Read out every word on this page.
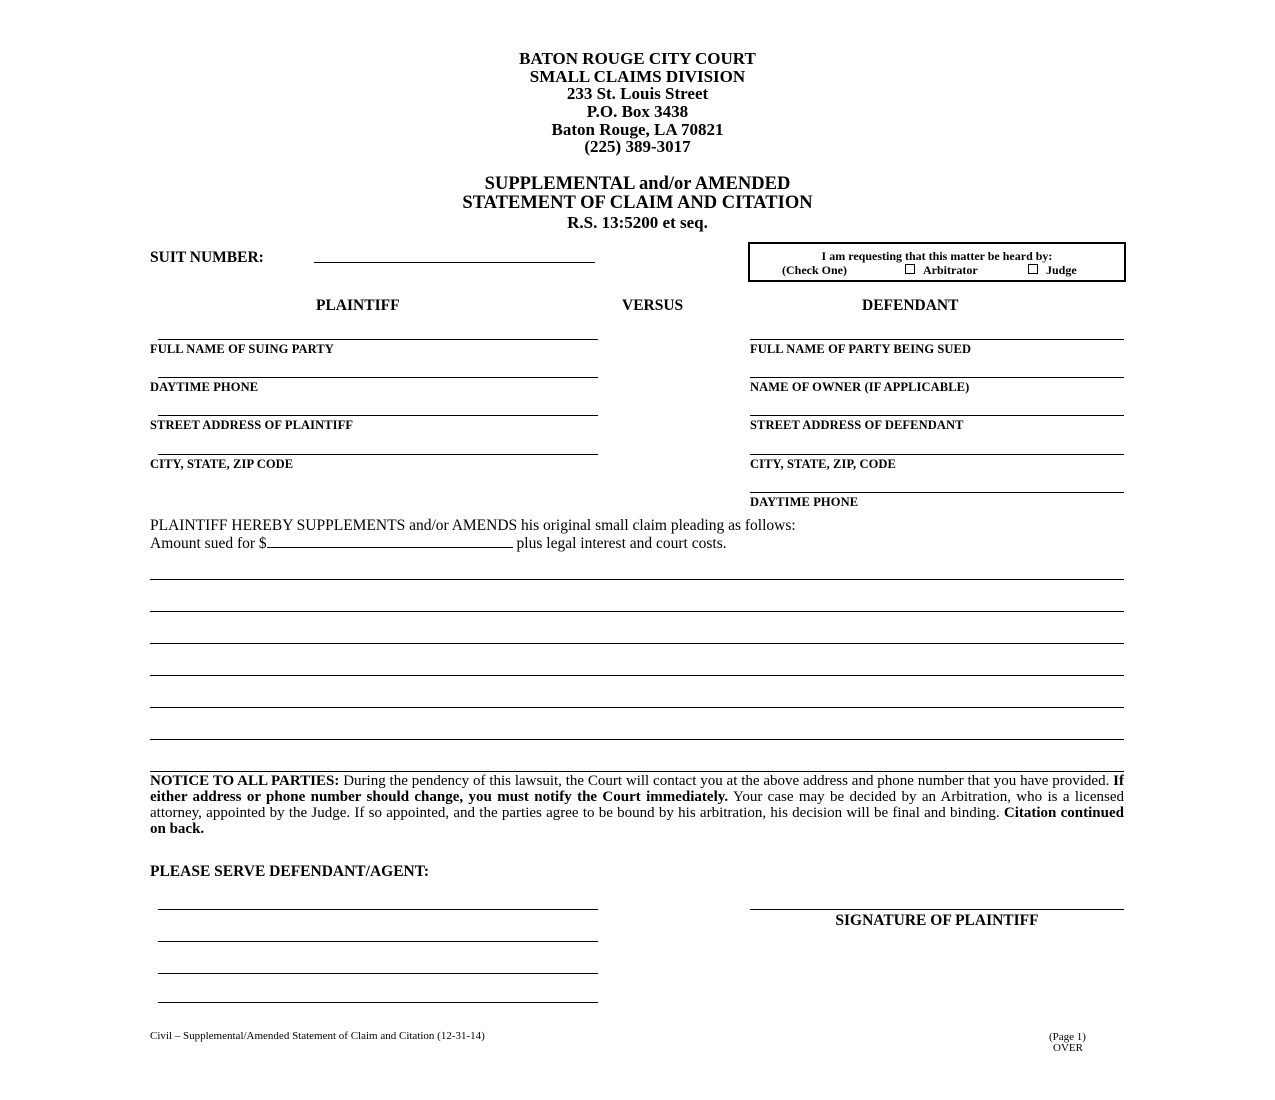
BATON ROUGE CITY COURT
SMALL CLAIMS DIVISION
233 St. Louis Street
P.O. Box 3438
Baton Rouge, LA 70821
(225) 389-3017
SUPPLEMENTAL and/or AMENDED
STATEMENT OF CLAIM AND CITATION
R.S. 13:5200 et seq.
SUIT NUMBER:	I am requesting that this matter be heard by:
(Check One)	Arbitrator	Judge
PLAINTIFF	VERSUS	DEFENDANT
FULL NAME OF SUING PARTY
DAYTIME PHONE
STREET ADDRESS OF PLAINTIFF
CITY, STATE, ZIP CODE
FULL NAME OF PARTY BEING SUED
NAME OF OWNER (IF APPLICABLE)
STREET ADDRESS OF DEFENDANT
CITY, STATE, ZIP, CODE
DAYTIME PHONE
PLAINTIFF HEREBY SUPPLEMENTS and/or AMENDS his original small claim pleading as follows:
Amount sued for $	plus legal interest and court costs.
NOTICE TO ALL PARTIES: During the pendency of this lawsuit, the Court will contact you at the above address and phone number that you have provided. If either address or phone number should change, you must notify the Court immediately. Your case may be decided by an Arbitration, who is a licensed attorney, appointed by the Judge. If so appointed, and the parties agree to be bound by his arbitration, his decision will be final and binding. Citation continued on back.
PLEASE SERVE DEFENDANT/AGENT:
SIGNATURE OF PLAINTIFF
Civil – Supplemental/Amended Statement of Claim and Citation (12-31-14)	(Page 1)
OVER
